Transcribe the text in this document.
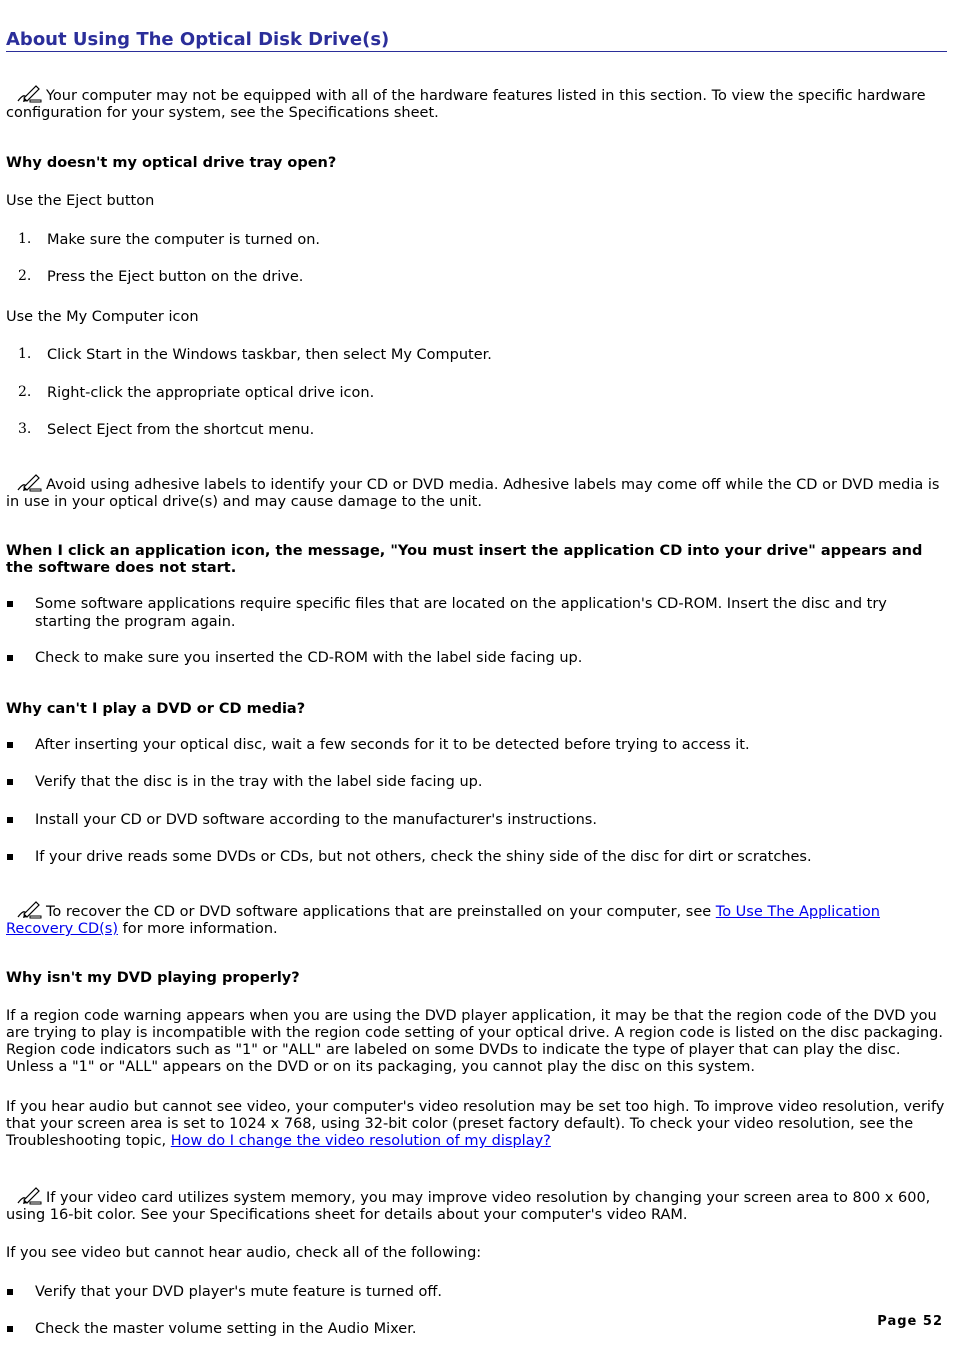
About Using The Optical Disk Drive(s)
Your computer may not be equipped with all of the hardware features listed in this section. To view the specific hardware configuration for your system, see the Specifications sheet.
Why doesn't my optical drive tray open?
Use the Eject button
1. Make sure the computer is turned on.
2. Press the Eject button on the drive.
Use the My Computer icon
1. Click Start in the Windows taskbar, then select My Computer.
2. Right-click the appropriate optical drive icon.
3. Select Eject from the shortcut menu.
Avoid using adhesive labels to identify your CD or DVD media. Adhesive labels may come off while the CD or DVD media is in use in your optical drive(s) and may cause damage to the unit.
When I click an application icon, the message, "You must insert the application CD into your drive" appears and the software does not start.
Some software applications require specific files that are located on the application's CD-ROM. Insert the disc and try starting the program again.
Check to make sure you inserted the CD-ROM with the label side facing up.
Why can't I play a DVD or CD media?
After inserting your optical disc, wait a few seconds for it to be detected before trying to access it.
Verify that the disc is in the tray with the label side facing up.
Install your CD or DVD software according to the manufacturer's instructions.
If your drive reads some DVDs or CDs, but not others, check the shiny side of the disc for dirt or scratches.
To recover the CD or DVD software applications that are preinstalled on your computer, see To Use The Application Recovery CD(s) for more information.
Why isn't my DVD playing properly?
If a region code warning appears when you are using the DVD player application, it may be that the region code of the DVD you are trying to play is incompatible with the region code setting of your optical drive. A region code is listed on the disc packaging. Region code indicators such as "1" or "ALL" are labeled on some DVDs to indicate the type of player that can play the disc. Unless a "1" or "ALL" appears on the DVD or on its packaging, you cannot play the disc on this system.
If you hear audio but cannot see video, your computer's video resolution may be set too high. To improve video resolution, verify that your screen area is set to 1024 x 768, using 32-bit color (preset factory default). To check your video resolution, see the Troubleshooting topic, How do I change the video resolution of my display?
If your video card utilizes system memory, you may improve video resolution by changing your screen area to 800 x 600, using 16-bit color. See your Specifications sheet for details about your computer's video RAM.
If you see video but cannot hear audio, check all of the following:
Verify that your DVD player's mute feature is turned off.
Check the master volume setting in the Audio Mixer.	Page 52
